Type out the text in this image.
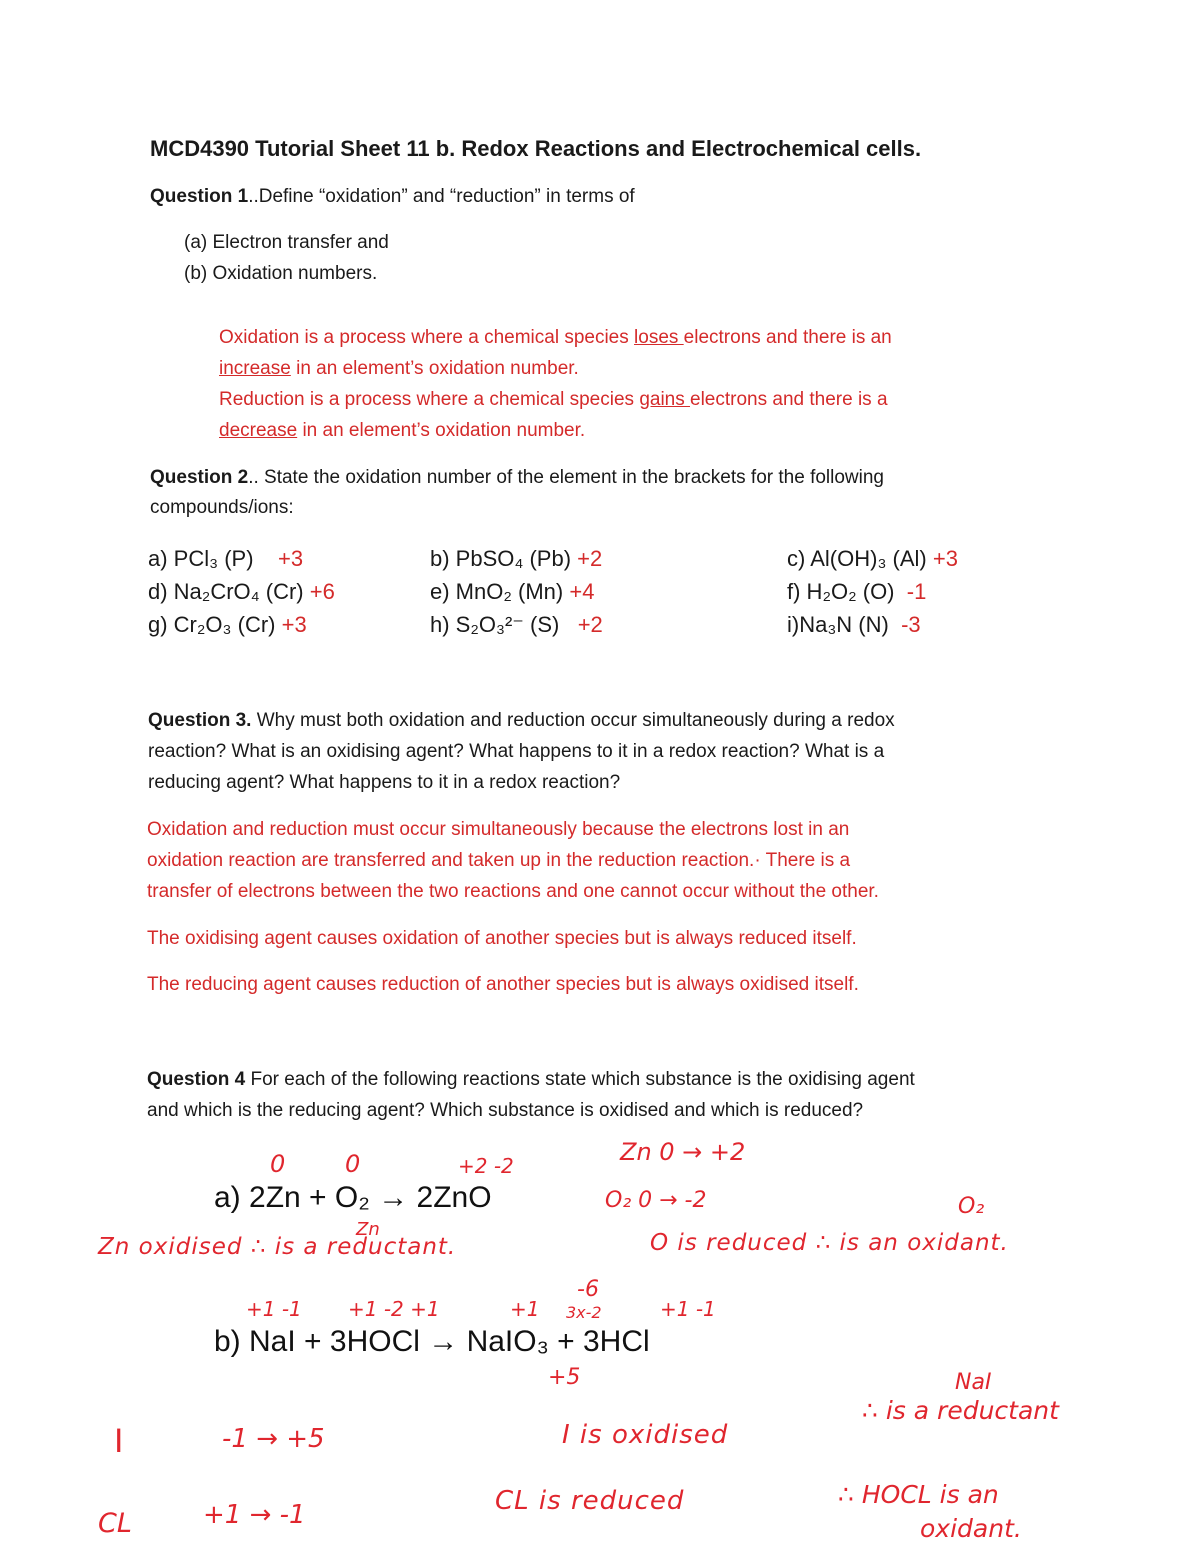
MCD4390 Tutorial Sheet 11 b. Redox Reactions and Electrochemical cells.
Question 1..Define “oxidation” and “reduction” in terms of
(a) Electron transfer and
(b) Oxidation numbers.
Oxidation is a process where a chemical species loses electrons and there is an
increase in an element’s oxidation number.
Reduction is a process where a chemical species gains electrons and there is a
decrease in an element’s oxidation number.
Question 2.. State the oxidation number of the element in the brackets for the following
compounds/ions:
a) PCl₃ (P) +3	b) PbSO₄ (Pb) +2	c) Al(OH)₃ (Al) +3
d) Na₂CrO₄ (Cr) +6	e) MnO₂ (Mn) +4	f) H₂O₂ (O) -1
g) Cr₂O₃ (Cr) +3	h) S₂O₃²⁻ (S) +2	i)Na₃N (N) -3
Question 3. Why must both oxidation and reduction occur simultaneously during a redox
reaction? What is an oxidising agent? What happens to it in a redox reaction? What is a
reducing agent? What happens to it in a redox reaction?
Oxidation and reduction must occur simultaneously because the electrons lost in an
oxidation reaction are transferred and taken up in the reduction reaction.· There is a
transfer of electrons between the two reactions and one cannot occur without the other.
The oxidising agent causes oxidation of another species but is always reduced itself.
The reducing agent causes reduction of another species but is always oxidised itself.
Question 4 For each of the following reactions state which substance is the oxidising agent
and which is the reducing agent? Which substance is oxidised and which is reduced?
0 0	+2 -2	Zn 0 → +2
a) 2Zn + O₂ → 2ZnO	O₂ 0 → -2	O₂
Zn
Zn oxidised ∴ is a reductant.	O is reduced ∴ is an oxidant.
-6
+1 -1 +1 -2 +1	+1 3x-2	+1 -1
b) NaI + 3HOCl → NaIO₃ + 3HCl
+5	NaI
I	-1 → +5	I is oxidised
∴ is a reductant
CL	+1 → -1	CL is reduced	∴ HOCL is an
oxidant.
